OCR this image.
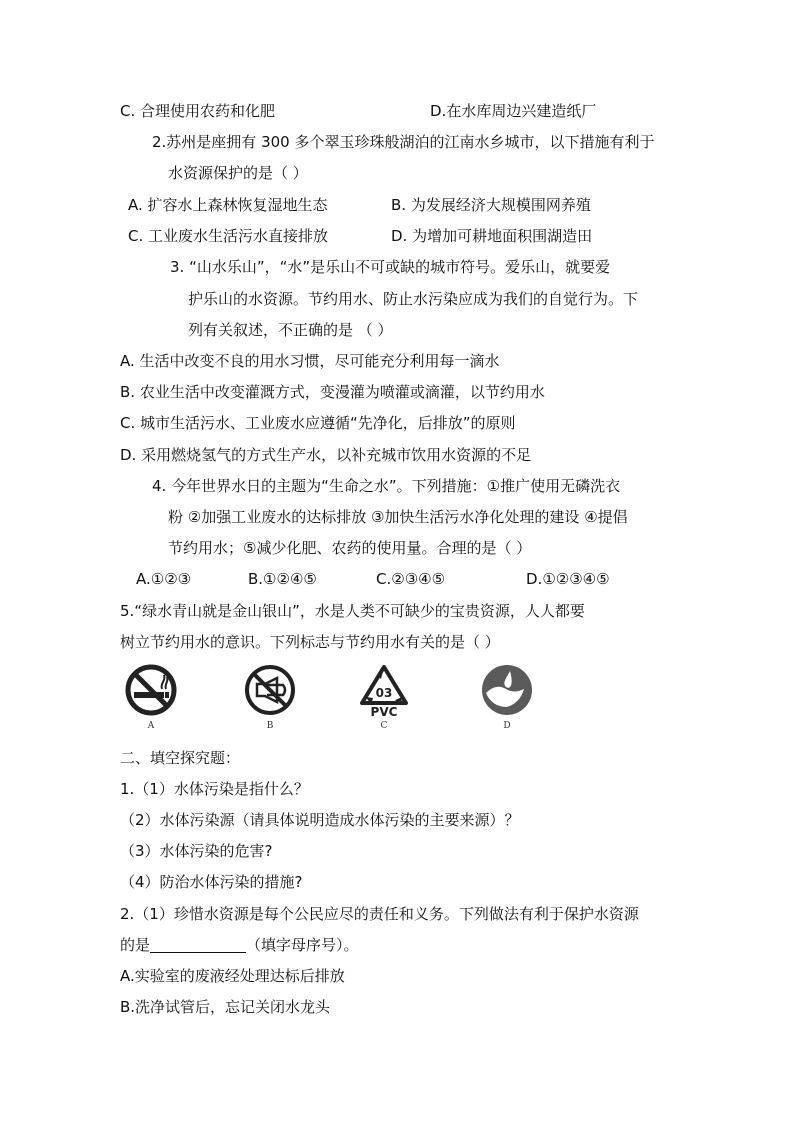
C. 合理使用农药和化肥	D.在水库周边兴建造纸厂
2.苏州是座拥有 300 多个翠玉珍珠般湖泊的江南水乡城市，以下措施有利于
水资源保护的是（ ）
A. 扩容水上森林恢复湿地生态	B. 为发展经济大规模围网养殖
C. 工业废水生活污水直接排放	D. 为增加可耕地面积围湖造田
3. “山水乐山”，“水”是乐山不可或缺的城市符号。爱乐山，就要爱
护乐山的水资源。节约用水、防止水污染应成为我们的自觉行为。下
列有关叙述，不正确的是 （ ）
A. 生活中改变不良的用水习惯，尽可能充分利用每一滴水
B. 农业生活中改变灌溉方式，变漫灌为喷灌或滴灌，以节约用水
C. 城市生活污水、工业废水应遵循“先净化，后排放”的原则
D. 采用燃烧氢气的方式生产水，以补充城市饮用水资源的不足
4. 今年世界水日的主题为“生命之水”。下列措施：①推广使用无磷洗衣
粉 ②加强工业废水的达标排放 ③加快生活污水净化处理的建设 ④提倡
节约用水；⑤减少化肥、农药的使用量。合理的是（ ）
A.①②③	B.①②④⑤	C.②③④⑤	D.①②③④⑤
5.“绿水青山就是金山银山”，水是人类不可缺少的宝贵资源，人人都要
树立节约用水的意识。下列标志与节约用水有关的是（ ）
A	B
03
PVC
C	D
二、填空探究题：
1.（1）水体污染是指什么？
（2）水体污染源（请具体说明造成水体污染的主要来源）？
（3）水体污染的危害?
（4）防治水体污染的措施?
2.（1）珍惜水资源是每个公民应尽的责任和义务。下列做法有利于保护水资源
的是	（填字母序号）。
A.实验室的废液经处理达标后排放
B.洗净试管后，忘记关闭水龙头
